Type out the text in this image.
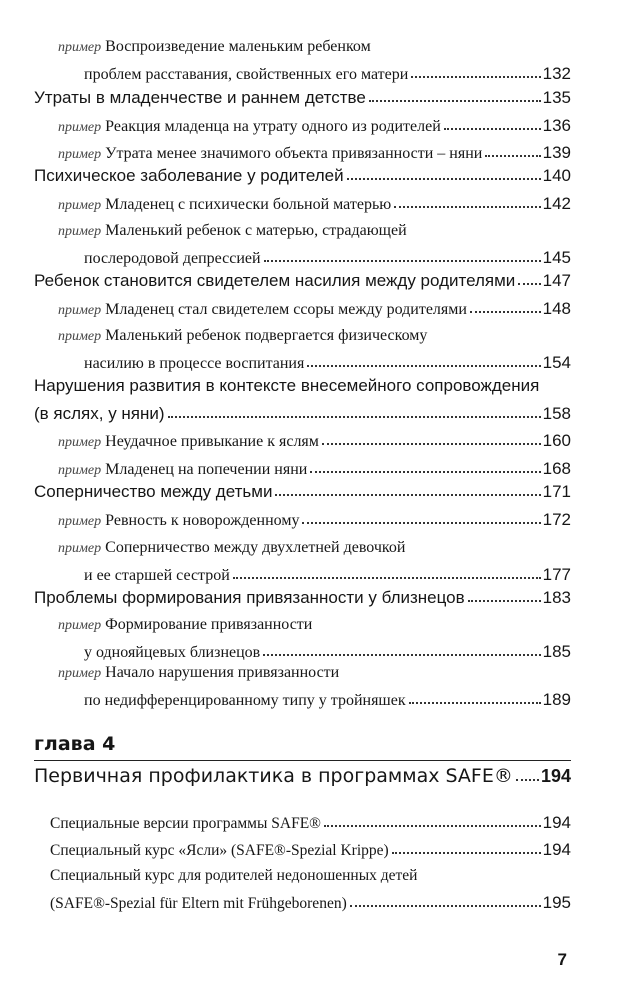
пример Воспроизведение маленьким ребенком
проблем расставания, свойственных его матери	132
Утраты в младенчестве и раннем детстве	135
пример Реакция младенца на утрату одного из родителей	136
пример Утрата менее значимого объекта привязанности – няни	139
Психическое заболевание у родителей	140
пример Младенец с психически больной матерью	142
пример Маленький ребенок с матерью, страдающей
послеродовой депрессией	145
Ребенок становится свидетелем насилия между родителями 147
пример Младенец стал свидетелем ссоры между родителями	148
пример Маленький ребенок подвергается физическому
насилию в процессе воспитания	154
Нарушения развития в контексте внесемейного сопровождения
(в яслях, у няни)	158
пример Неудачное привыкание к яслям	160
пример Младенец на попечении няни	168
Соперничество между детьми	171
пример Ревность к новорожденному	172
пример Соперничество между двухлетней девочкой
и ее старшей сестрой	177
Проблемы формирования привязанности у близнецов	183
пример Формирование привязанности
у однояйцевых близнецов	185
пример Начало нарушения привязанности
по недифференцированному типу у тройняшек	189
глава 4
Первичная профилактика в программах SAFE® 194
Специальные версии программы SAFE®	194
Специальный курс «Ясли» (SAFE®-Spezial Krippe)	194
Специальный курс для родителей недоношенных детей
(SAFE®-Spezial für Eltern mit Frühgeborenen)	195
7
